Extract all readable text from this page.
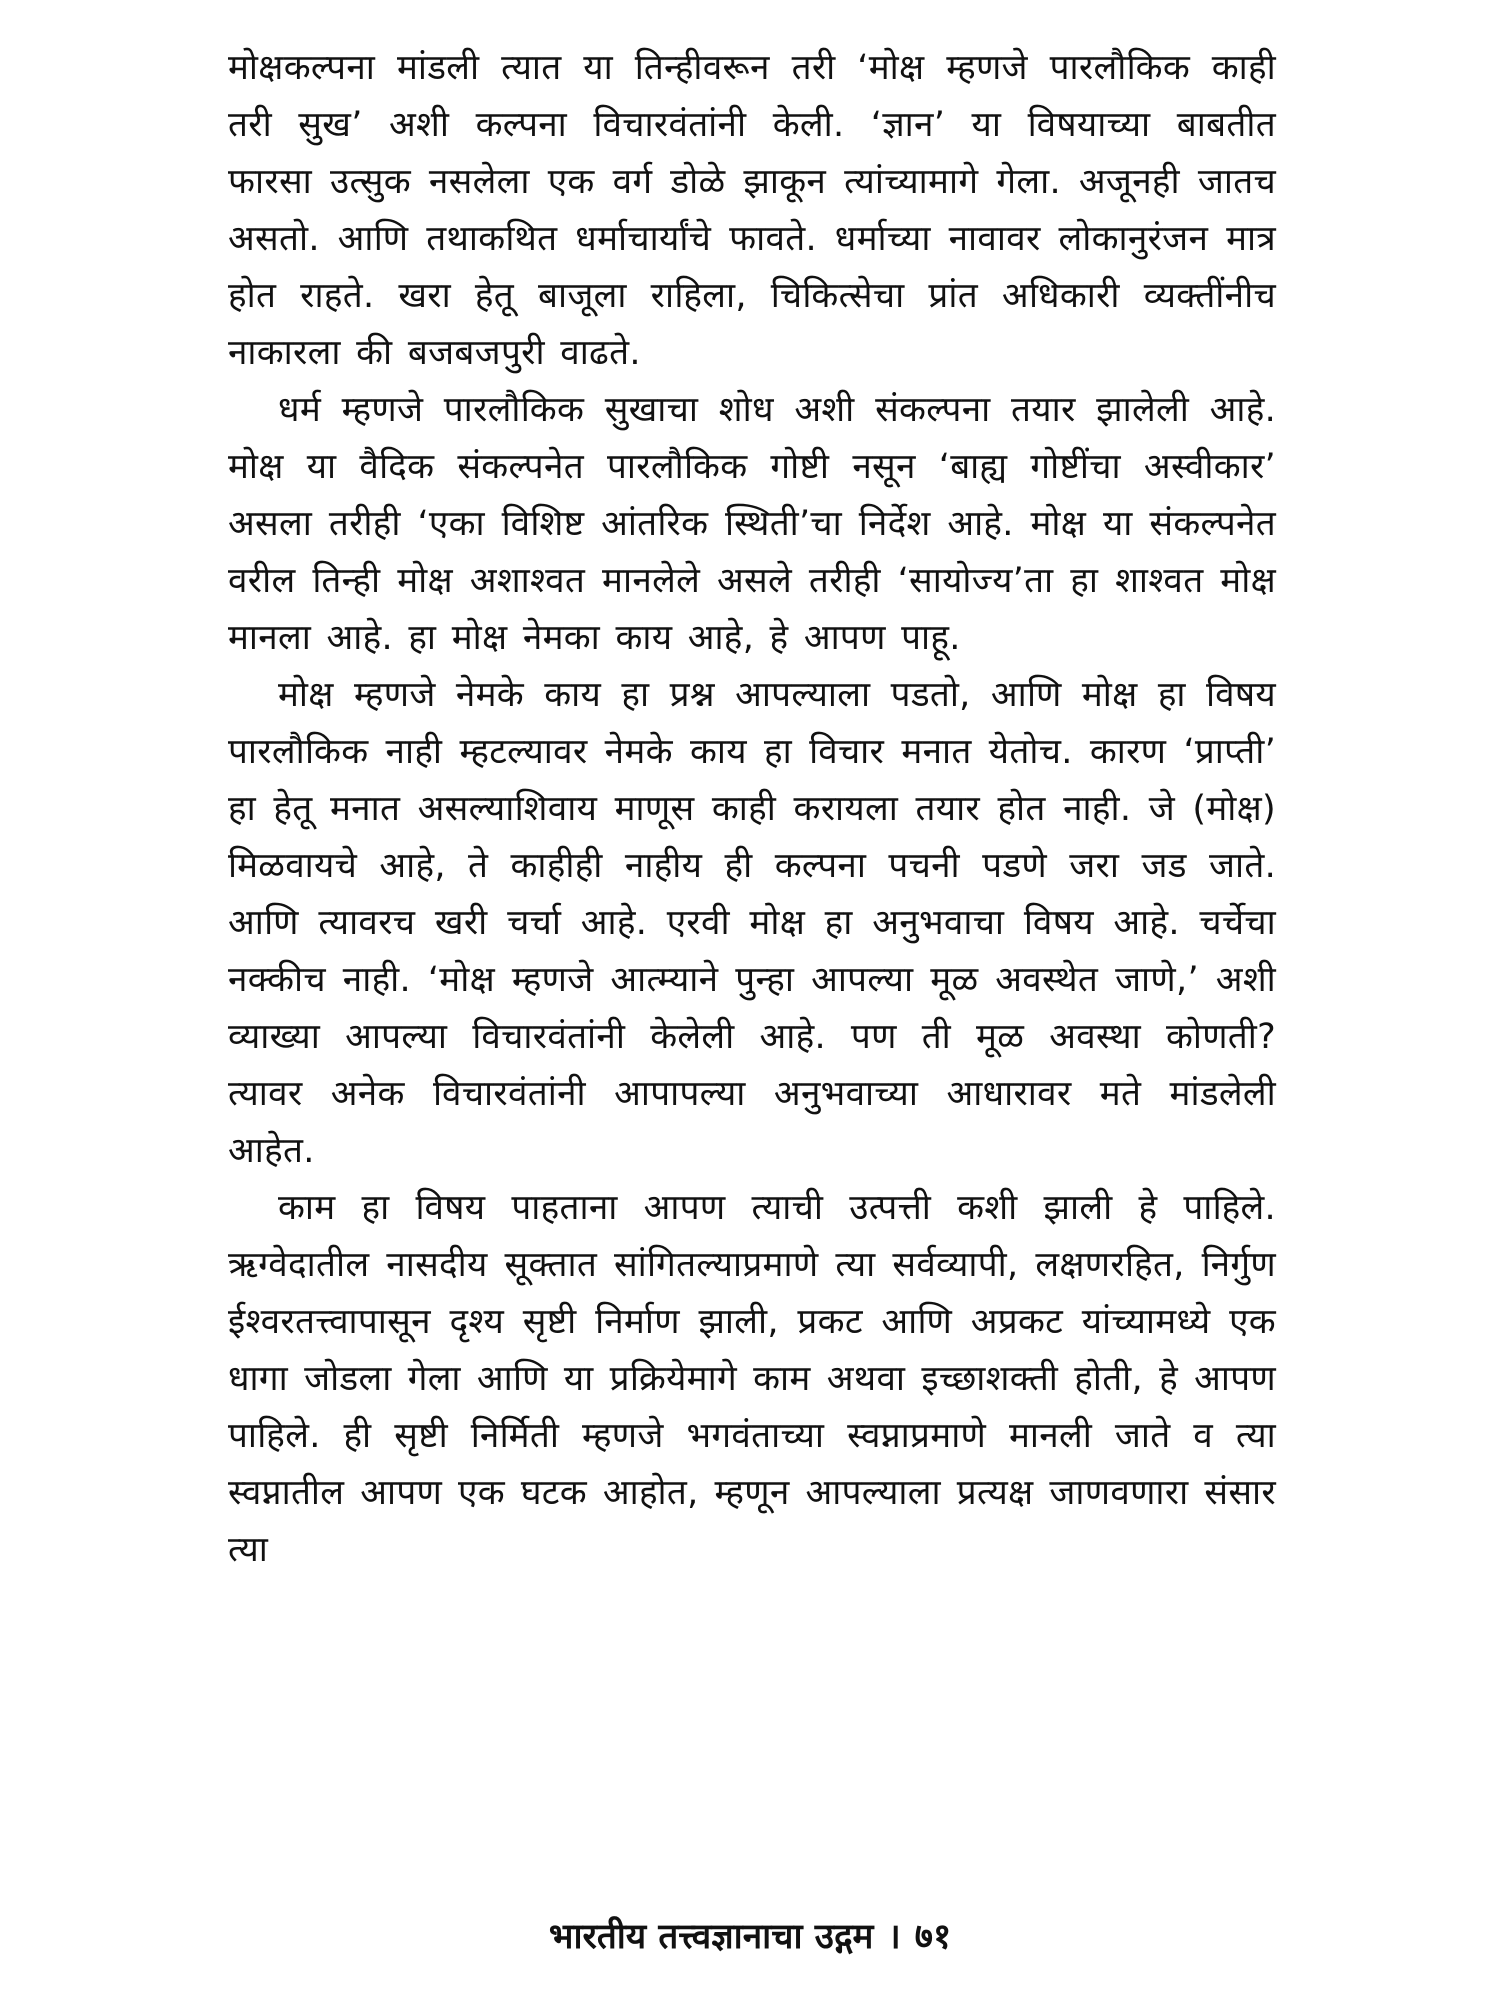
मोक्षकल्पना मांडली त्यात या तिन्हीवरून तरी ‘मोक्ष म्हणजे पारलौकिक काही तरी सुख’ अशी कल्पना विचारवंतांनी केली. ‘ज्ञान’ या विषयाच्या बाबतीत फारसा उत्सुक नसलेला एक वर्ग डोळे झाकून त्यांच्यामागे गेला. अजूनही जातच असतो. आणि तथाकथित धर्माचार्यांचे फावते. धर्माच्या नावावर लोकानुरंजन मात्र होत राहते. खरा हेतू बाजूला राहिला, चिकित्सेचा प्रांत अधिकारी व्यक्तींनीच नाकारला की बजबजपुरी वाढते.

धर्म म्हणजे पारलौकिक सुखाचा शोध अशी संकल्पना तयार झालेली आहे. मोक्ष या वैदिक संकल्पनेत पारलौकिक गोष्टी नसून ‘बाह्य गोष्टींचा अस्वीकार’ असला तरीही ‘एका विशिष्ट आंतरिक स्थिती’चा निर्देश आहे. मोक्ष या संकल्पनेत वरील तिन्ही मोक्ष अशाश्वत मानलेले असले तरीही ‘सायोज्य’ता हा शाश्वत मोक्ष मानला आहे. हा मोक्ष नेमका काय आहे, हे आपण पाहू.

मोक्ष म्हणजे नेमके काय हा प्रश्न आपल्याला पडतो, आणि मोक्ष हा विषय पारलौकिक नाही म्हटल्यावर नेमके काय हा विचार मनात येतोच. कारण ‘प्राप्ती’ हा हेतू मनात असल्याशिवाय माणूस काही करायला तयार होत नाही. जे (मोक्ष) मिळवायचे आहे, ते काहीही नाहीय ही कल्पना पचनी पडणे जरा जड जाते. आणि त्यावरच खरी चर्चा आहे. एरवी मोक्ष हा अनुभवाचा विषय आहे. चर्चेचा नक्कीच नाही. ‘मोक्ष म्हणजे आत्म्याने पुन्हा आपल्या मूळ अवस्थेत जाणे,’ अशी व्याख्या आपल्या विचारवंतांनी केलेली आहे. पण ती मूळ अवस्था कोणती? त्यावर अनेक विचारवंतांनी आपापल्या अनुभवाच्या आधारावर मते मांडलेली आहेत.

काम हा विषय पाहताना आपण त्याची उत्पत्ती कशी झाली हे पाहिले. ऋग्वेदातील नासदीय सूक्तात सांगितल्याप्रमाणे त्या सर्वव्यापी, लक्षणरहित, निर्गुण ईश्वरतत्त्वापासून दृश्य सृष्टी निर्माण झाली, प्रकट आणि अप्रकट यांच्यामध्ये एक धागा जोडला गेला आणि या प्रक्रियेमागे काम अथवा इच्छाशक्ती होती, हे आपण पाहिले. ही सृष्टी निर्मिती म्हणजे भगवंताच्या स्वप्नाप्रमाणे मानली जाते व त्या स्वप्नातील आपण एक घटक आहोत, म्हणून आपल्याला प्रत्यक्ष जाणवणारा संसार त्या

भारतीय तत्त्वज्ञानाचा उद्गम । ७१
